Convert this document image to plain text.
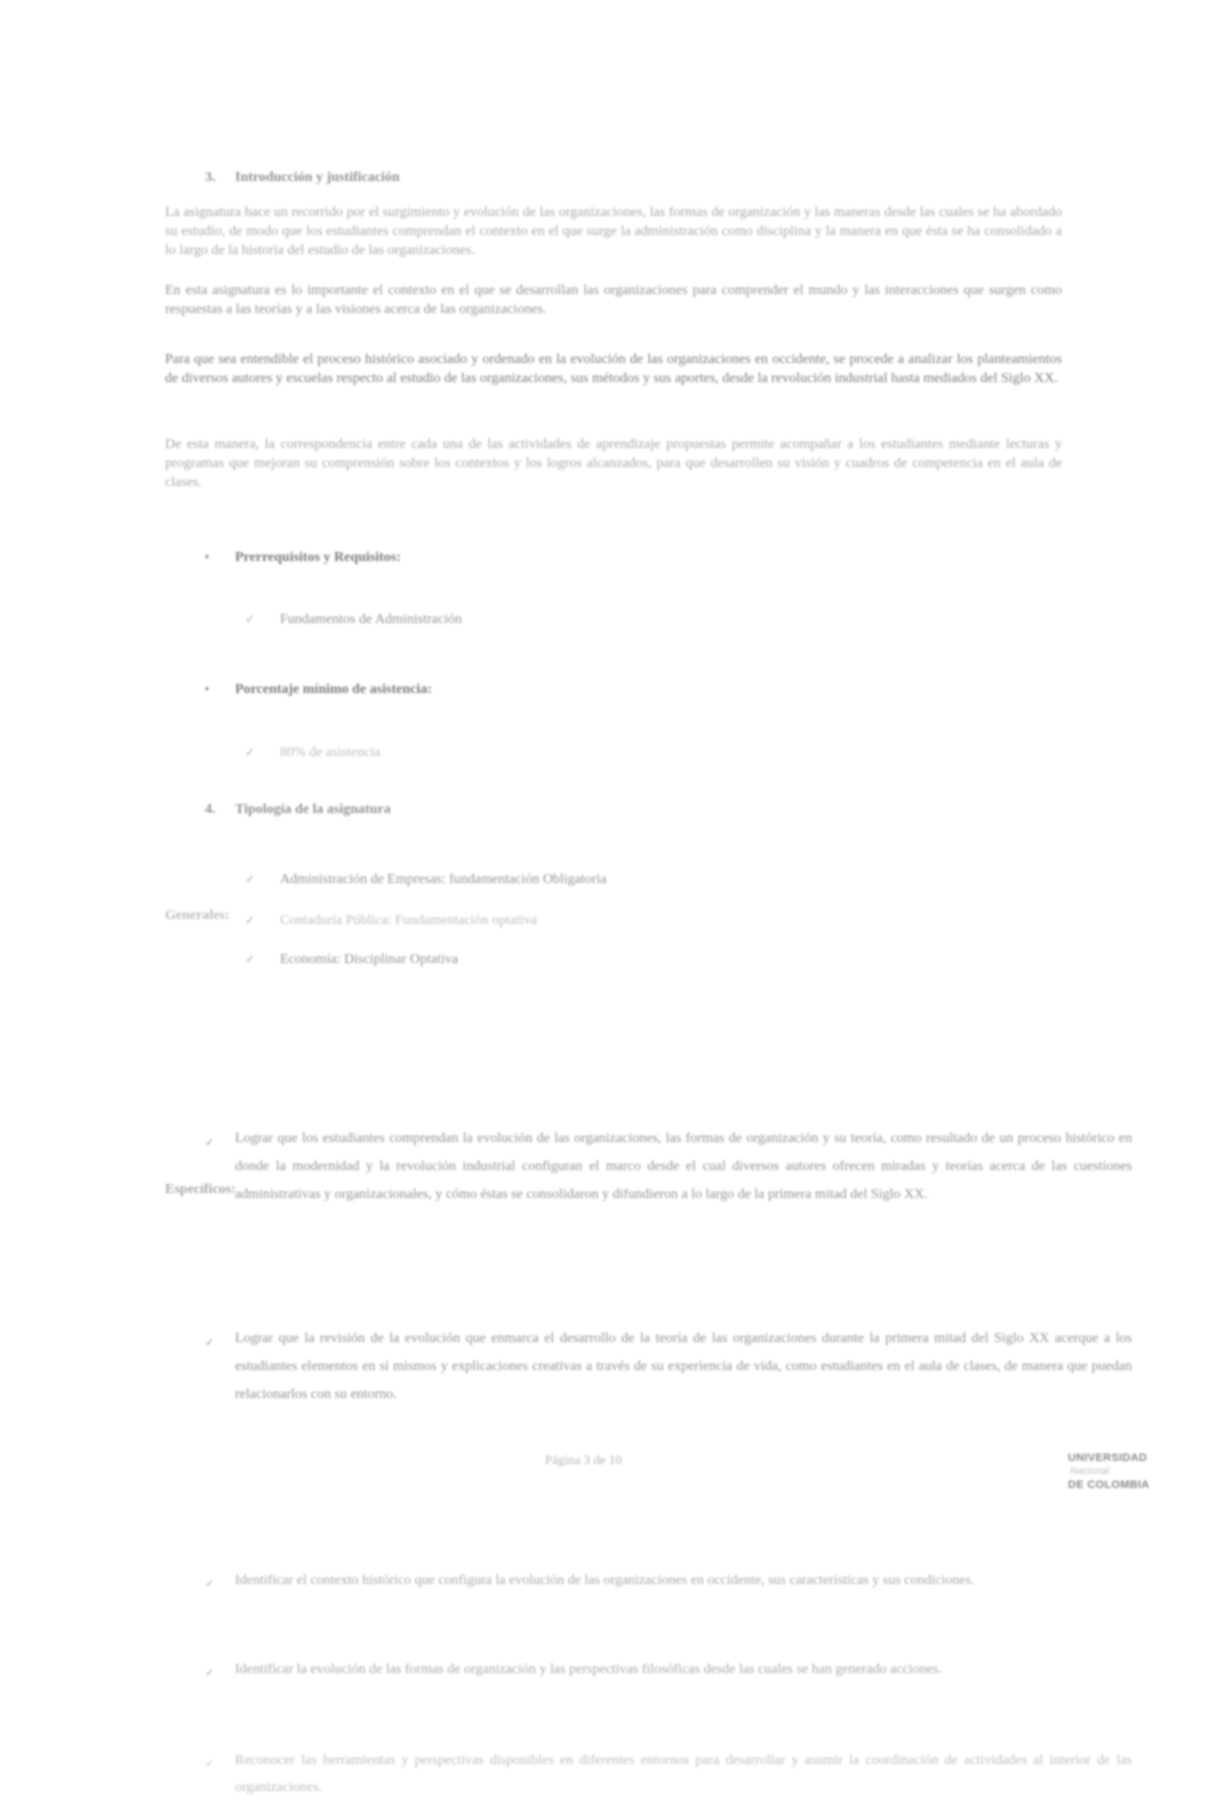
3. Introducción y justificación

La asignatura hace un recorrido por el surgimiento y evolución de las organizaciones, las formas de organización y las maneras desde las cuales se ha abordado su estudio, de modo que los estudiantes comprendan el contexto en el que surge la administración como disciplina y la manera en que ésta se ha consolidado a lo largo de la historia del estudio de las organizaciones.

En esta asignatura es lo importante el contexto en el que se desarrollan las organizaciones para comprender el mundo y las interacciones que surgen como respuestas a las teorías y a las visiones acerca de las organizaciones.

Para que sea entendible el proceso histórico asociado y ordenado en la evolución de las organizaciones en occidente, se procede a analizar los planteamientos de diversos autores y escuelas respecto al estudio de las organizaciones, sus métodos y sus aportes, desde la revolución industrial hasta mediados del Siglo XX.

De esta manera, la correspondencia entre cada una de las actividades de aprendizaje propuestas permite acompañar a los estudiantes mediante lecturas y programas que mejoran su comprensión sobre los contextos y los logros alcanzados, para que desarrollen su visión y cuadros de competencia en el aula de clases.

▪ Prerrequisitos y Requisitos:
✓ Fundamentos de Administración
▪ Porcentaje mínimo de asistencia:
✓ 80% de asistencia
4. Tipología de la asignatura
✓ Administración de Empresas: fundamentación Obligatoria
✓ Contaduría Pública: Fundamentación optativa
✓ Economía: Disciplinar Optativa
Generales:
✓ Lograr que los estudiantes comprendan la evolución de las organizaciones, las formas de organización y su teoría, como resultado de un proceso histórico en donde la modernidad y la revolución industrial configuran el marco desde el cual diversos autores ofrecen miradas y teorías acerca de las cuestiones administrativas y organizacionales, y cómo éstas se consolidaron y difundieron a lo largo de la primera mitad del Siglo XX.
✓ Lograr que la revisión de la evolución que enmarca el desarrollo de la teoría de las organizaciones durante la primera mitad del Siglo XX acerque a los estudiantes elementos en sí mismos y explicaciones creativas a través de su experiencia de vida, como estudiantes en el aula de clases, de manera que puedan relacionarlos con su entorno.
Específicos:
✓ Identificar el contexto histórico que configura la evolución de las organizaciones en occidente, sus características y sus condiciones.
✓ Identificar la evolución de las formas de organización y las perspectivas filosóficas desde las cuales se han generado acciones.
✓ Reconocer las herramientas y perspectivas disponibles en diferentes entornos para desarrollar y asumir la coordinación de actividades al interior de las organizaciones.
Página 3 de 10	UNIVERSIDAD
Nacional
DE COLOMBIA
